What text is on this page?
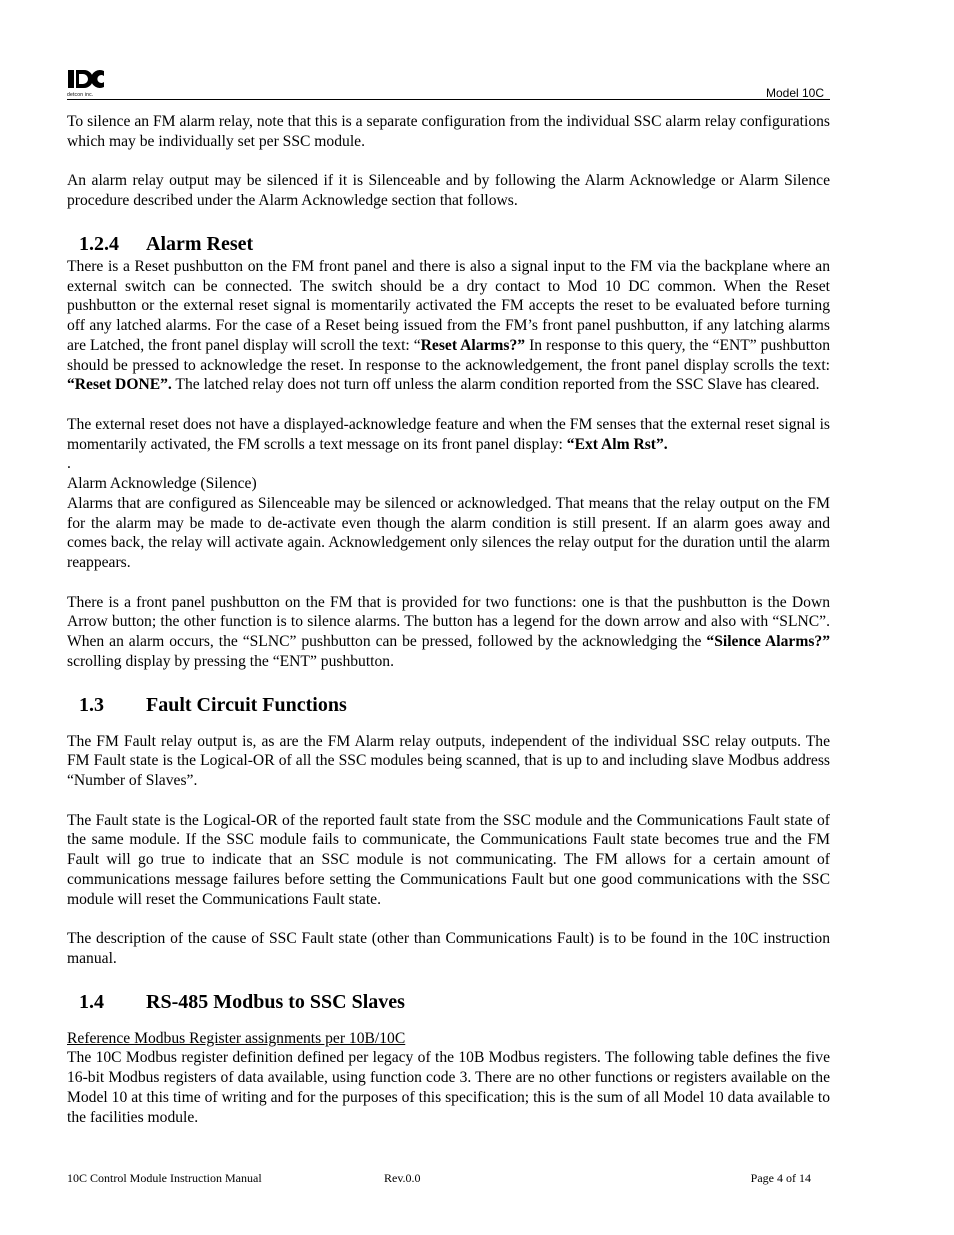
detcon inc.	Model 10C

To silence an FM alarm relay, note that this is a separate configuration from the individual SSC alarm relay configurations which may be individually set per SSC module.

An alarm relay output may be silenced if it is Silenceable and by following the Alarm Acknowledge or Alarm Silence procedure described under the Alarm Acknowledge section that follows.

1.2.4 Alarm Reset

There is a Reset pushbutton on the FM front panel and there is also a signal input to the FM via the backplane where an external switch can be connected. The switch should be a dry contact to Mod 10 DC common. When the Reset pushbutton or the external reset signal is momentarily activated the FM accepts the reset to be evaluated before turning off any latched alarms. For the case of a Reset being issued from the FM’s front panel pushbutton, if any latching alarms are Latched, the front panel display will scroll the text: “Reset Alarms?” In response to this query, the “ENT” pushbutton should be pressed to acknowledge the reset. In response to the acknowledgement, the front panel display scrolls the text: “Reset DONE”. The latched relay does not turn off unless the alarm condition reported from the SSC Slave has cleared.

The external reset does not have a displayed-acknowledge feature and when the FM senses that the external reset signal is momentarily activated, the FM scrolls a text message on its front panel display: “Ext Alm Rst”.

.

Alarm Acknowledge (Silence)

Alarms that are configured as Silenceable may be silenced or acknowledged. That means that the relay output on the FM for the alarm may be made to de-activate even though the alarm condition is still present. If an alarm goes away and comes back, the relay will activate again. Acknowledgement only silences the relay output for the duration until the alarm reappears.

There is a front panel pushbutton on the FM that is provided for two functions: one is that the pushbutton is the Down Arrow button; the other function is to silence alarms. The button has a legend for the down arrow and also with “SLNC”. When an alarm occurs, the “SLNC” pushbutton can be pressed, followed by the acknowledging the “Silence Alarms?” scrolling display by pressing the “ENT” pushbutton.

1.3 Fault Circuit Functions

The FM Fault relay output is, as are the FM Alarm relay outputs, independent of the individual SSC relay outputs. The FM Fault state is the Logical-OR of all the SSC modules being scanned, that is up to and including slave Modbus address “Number of Slaves”.

The Fault state is the Logical-OR of the reported fault state from the SSC module and the Communications Fault state of the same module. If the SSC module fails to communicate, the Communications Fault state becomes true and the FM Fault will go true to indicate that an SSC module is not communicating. The FM allows for a certain amount of communications message failures before setting the Communications Fault but one good communications with the SSC module will reset the Communications Fault state.

The description of the cause of SSC Fault state (other than Communications Fault) is to be found in the 10C instruction manual.

1.4 RS-485 Modbus to SSC Slaves

Reference Modbus Register assignments per 10B/10C

The 10C Modbus register definition defined per legacy of the 10B Modbus registers. The following table defines the five 16-bit Modbus registers of data available, using function code 3. There are no other functions or registers available on the Model 10 at this time of writing and for the purposes of this specification; this is the sum of all Model 10 data available to the facilities module.

10C Control Module Instruction Manual	Rev.0.0	Page 4 of 14
